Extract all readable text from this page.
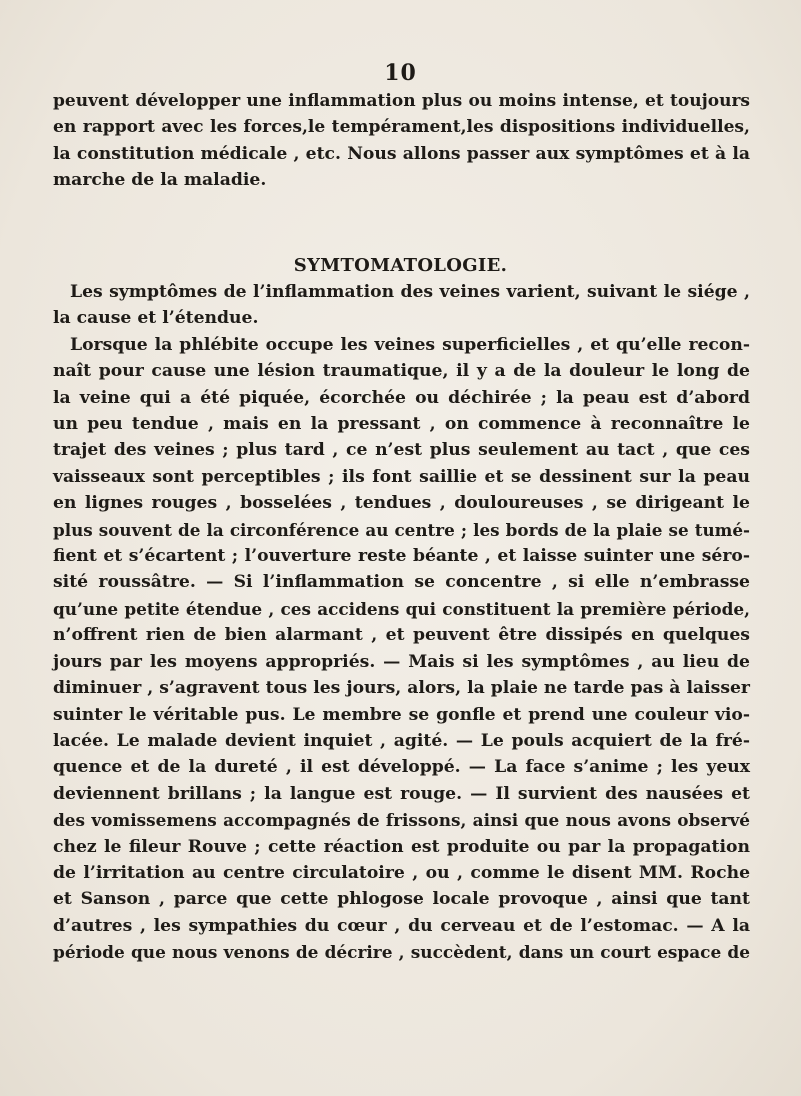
10
peuvent développer une inflammation plus ou moins intense, et toujours
en rapport avec les forces,le tempérament,les dispositions individuelles,
la constitution médicale , etc. Nous allons passer aux symptômes et à la
marche de la maladie.
SYMTOMATOLOGIE.
Les symptômes de l’inflammation des veines varient, suivant le siége ,
la cause et l’étendue.
Lorsque la phlébite occupe les veines superficielles , et qu’elle recon-
naît pour cause une lésion traumatique, il y a de la douleur le long de
la veine qui a été piquée, écorchée ou déchirée ; la peau est d’abord
un peu tendue , mais en la pressant , on commence à reconnaître le
trajet des veines ; plus tard , ce n’est plus seulement au tact , que ces
vaisseaux sont perceptibles ; ils font saillie et se dessinent sur la peau
en lignes rouges , bosselées , tendues , douloureuses , se dirigeant le
plus souvent de la circonférence au centre ; les bords de la plaie se tumé-
fient et s’écartent ; l’ouverture reste béante , et laisse suinter une séro-
sité roussâtre. — Si l’inflammation se concentre , si elle n’embrasse
qu’une petite étendue , ces accidens qui constituent la première période,
n’offrent rien de bien alarmant , et peuvent être dissipés en quelques
jours par les moyens appropriés. — Mais si les symptômes , au lieu de
diminuer , s’agravent tous les jours, alors, la plaie ne tarde pas à laisser
suinter le véritable pus. Le membre se gonfle et prend une couleur vio-
lacée. Le malade devient inquiet , agité. — Le pouls acquiert de la fré-
quence et de la dureté , il est développé. — La face s’anime ; les yeux
deviennent brillans ; la langue est rouge. — Il survient des nausées et
des vomissemens accompagnés de frissons, ainsi que nous avons observé
chez le fileur Rouve ; cette réaction est produite ou par la propagation
de l’irritation au centre circulatoire , ou , comme le disent MM. Roche
et Sanson , parce que cette phlogose locale provoque , ainsi que tant
d’autres , les sympathies du cœur , du cerveau et de l’estomac. — A la
période que nous venons de décrire , succèdent, dans un court espace de
